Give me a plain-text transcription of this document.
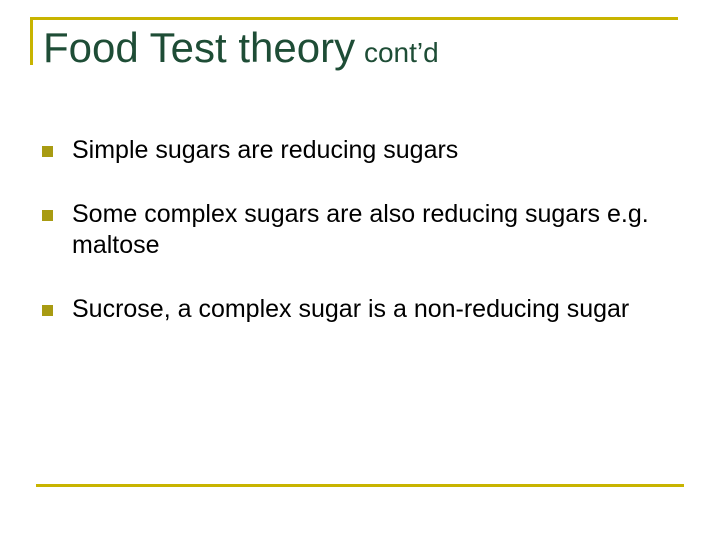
Food Test theory cont’d
Simple sugars are reducing sugars
Some complex sugars are also reducing sugars e.g. maltose
Sucrose, a complex sugar is a non-reducing sugar
